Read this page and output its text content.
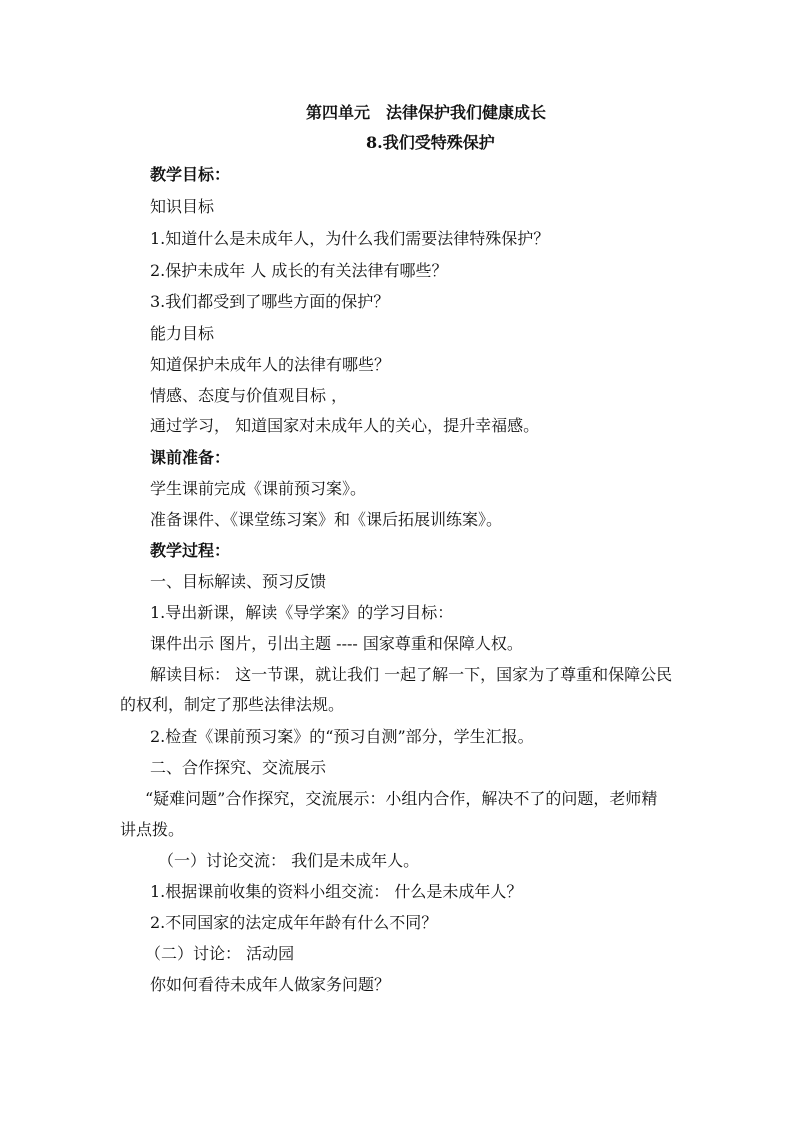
第四单元　法律保护我们健康成长
8.我们受特殊保护
教学目标：
知识目标
1.知道什么是未成年人，为什么我们需要法律特殊保护？
2.保护未成年 人 成长的有关法律有哪些？
3.我们都受到了哪些方面的保护？
能力目标
知道保护未成年人的法律有哪些？
情感、态度与价值观目标 ，
通过学习， 知道国家对未成年人的关心，提升幸福感。
课前准备：
学生课前完成《课前预习案》。
准备课件、《课堂练习案》和《课后拓展训练案》。
教学过程：
一、目标解读、预习反馈
1.导出新课，解读《导学案》的学习目标：
课件出示 图片，引出主题 ---- 国家尊重和保障人权。
解读目标： 这一节课，就让我们 一起了解一下，国家为了尊重和保障公民
的权利，制定了那些法律法规。
2.检查《课前预习案》的“预习自测”部分，学生汇报。
二、合作探究、交流展示
“疑难问题”合作探究，交流展示：小组内合作，解决不了的问题，老师精
讲点拨。
（一）讨论交流： 我们是未成年人。
1.根据课前收集的资料小组交流： 什么是未成年人？
2.不同国家的法定成年年龄有什么不同？
（二）讨论： 活动园
你如何看待未成年人做家务问题？
